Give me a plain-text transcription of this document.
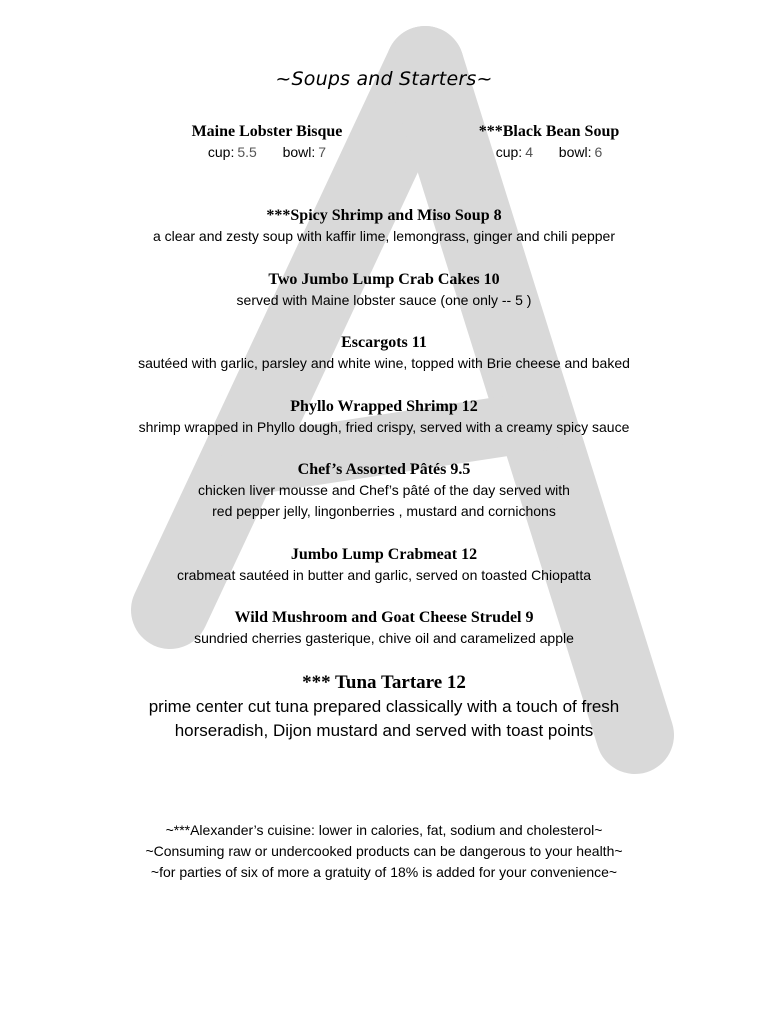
~Soups and Starters~
Maine Lobster Bisque
cup: 5.5 bowl: 7
***Black Bean Soup
cup: 4 bowl: 6
***Spicy Shrimp and Miso Soup 8
a clear and zesty soup with kaffir lime, lemongrass, ginger and chili pepper
Two Jumbo Lump Crab Cakes 10
served with Maine lobster sauce (one only -- 5 )
Escargots 11
sautéed with garlic, parsley and white wine, topped with Brie cheese and baked
Phyllo Wrapped Shrimp 12
shrimp wrapped in Phyllo dough, fried crispy, served with a creamy spicy sauce
Chef’s Assorted Pâtés 9.5
chicken liver mousse and Chef’s pâté of the day served with
red pepper jelly, lingonberries , mustard and cornichons
Jumbo Lump Crabmeat 12
crabmeat sautéed in butter and garlic, served on toasted Chiopatta
Wild Mushroom and Goat Cheese Strudel 9
sundried cherries gasterique, chive oil and caramelized apple
*** Tuna Tartare 12
prime center cut tuna prepared classically with a touch of fresh
horseradish, Dijon mustard and served with toast points
~***Alexander’s cuisine: lower in calories, fat, sodium and cholesterol~
~Consuming raw or undercooked products can be dangerous to your health~
~for parties of six of more a gratuity of 18% is added for your convenience~
